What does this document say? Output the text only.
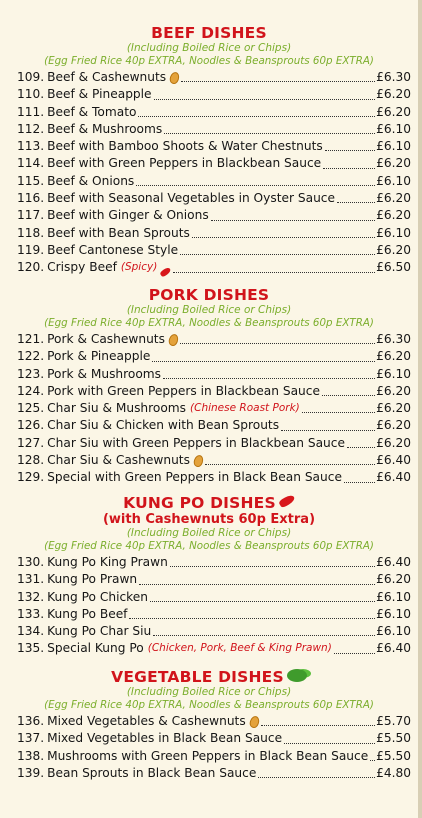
BEEF DISHES
(Including Boiled Rice or Chips)
(Egg Fried Rice 40p EXTRA, Noodles & Beansprouts 60p EXTRA)
109. Beef & Cashewnuts	£6.30
110. Beef & Pineapple	£6.20
111. Beef & Tomato	£6.20
112. Beef & Mushrooms	£6.10
113. Beef with Bamboo Shoots & Water Chestnuts	£6.10
114. Beef with Green Peppers in Blackbean Sauce	£6.20
115. Beef & Onions	£6.10
116. Beef with Seasonal Vegetables in Oyster Sauce	£6.20
117. Beef with Ginger & Onions	£6.20
118. Beef with Bean Sprouts	£6.10
119. Beef Cantonese Style	£6.20
120. Crispy Beef (Spicy)	£6.50
PORK DISHES
(Including Boiled Rice or Chips)
(Egg Fried Rice 40p EXTRA, Noodles & Beansprouts 60p EXTRA)
121. Pork & Cashewnuts	£6.30
122. Pork & Pineapple	£6.20
123. Pork & Mushrooms	£6.10
124. Pork with Green Peppers in Blackbean Sauce	£6.20
125. Char Siu & Mushrooms (Chinese Roast Pork)	£6.20
126. Char Siu & Chicken with Bean Sprouts	£6.20
127. Char Siu with Green Peppers in Blackbean Sauce	£6.20
128. Char Siu & Cashewnuts	£6.40
129. Special with Green Peppers in Black Bean Sauce	£6.40
KUNG PO DISHES
(with Cashewnuts 60p Extra)
(Including Boiled Rice or Chips)
(Egg Fried Rice 40p EXTRA, Noodles & Beansprouts 60p EXTRA)
130. Kung Po King Prawn	£6.40
131. Kung Po Prawn	£6.20
132. Kung Po Chicken	£6.10
133. Kung Po Beef	£6.10
134. Kung Po Char Siu	£6.10
135. Special Kung Po (Chicken, Pork, Beef & King Prawn)	£6.40
VEGETABLE DISHES
(Including Boiled Rice or Chips)
(Egg Fried Rice 40p EXTRA, Noodles & Beansprouts 60p EXTRA)
136. Mixed Vegetables & Cashewnuts	£5.70
137. Mixed Vegetables in Black Bean Sauce	£5.50
138. Mushrooms with Green Peppers in Black Bean Sauce £5.50
139. Bean Sprouts in Black Bean Sauce	£4.80
